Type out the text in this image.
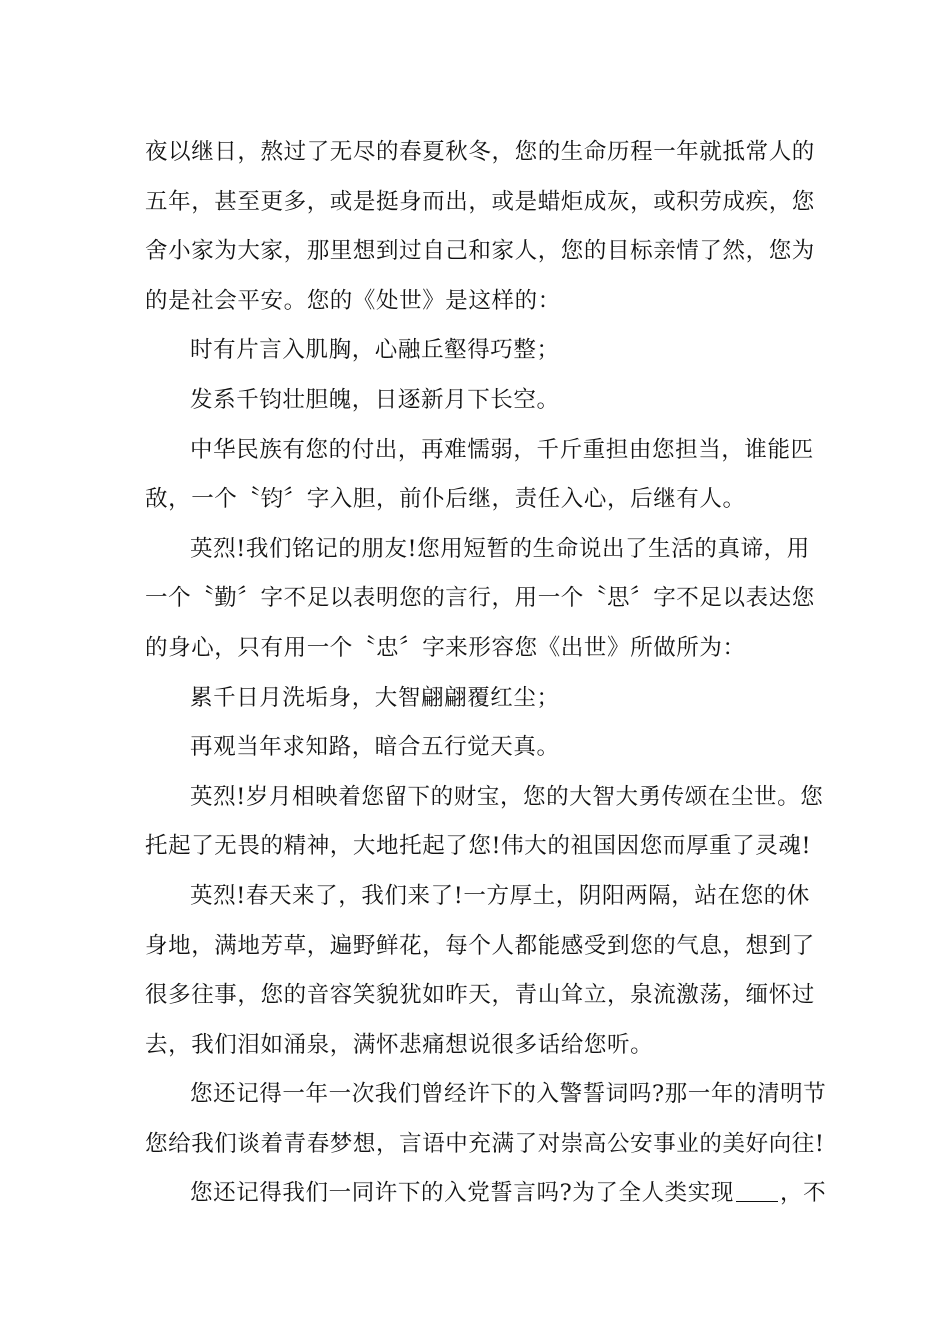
夜以继日，熬过了无尽的春夏秋冬，您的生命历程一年就抵常人的
五年，甚至更多，或是挺身而出，或是蜡炬成灰，或积劳成疾，您
舍小家为大家，那里想到过自己和家人，您的目标亲情了然，您为
的是社会平安。您的《处世》是这样的：
时有片言入肌胸，心融丘壑得巧整；
发系千钧壮胆魄，日逐新月下长空。
中华民族有您的付出，再难懦弱，千斤重担由您担当，谁能匹
敌，一个〝钧〞字入胆，前仆后继，责任入心，后继有人。
英烈!我们铭记的朋友!您用短暂的生命说出了生活的真谛，用
一个〝勤〞字不足以表明您的言行，用一个〝思〞字不足以表达您
的身心，只有用一个〝忠〞字来形容您《出世》所做所为：
累千日月洗垢身，大智翩翩覆红尘；
再观当年求知路，暗合五行觉天真。
英烈!岁月相映着您留下的财宝，您的大智大勇传颂在尘世。您
托起了无畏的精神，大地托起了您!伟大的祖国因您而厚重了灵魂!
英烈!春天来了，我们来了!一方厚土，阴阳两隔，站在您的休
身地，满地芳草，遍野鲜花，每个人都能感受到您的气息，想到了
很多往事，您的音容笑貌犹如昨天，青山耸立，泉流激荡，缅怀过
去，我们泪如涌泉，满怀悲痛想说很多话给您听。
您还记得一年一次我们曾经许下的入警誓词吗?那一年的清明节
您给我们谈着青春梦想，言语中充满了对崇高公安事业的美好向往!
您还记得我们一同许下的入党誓言吗?为了全人类实现 ，不
